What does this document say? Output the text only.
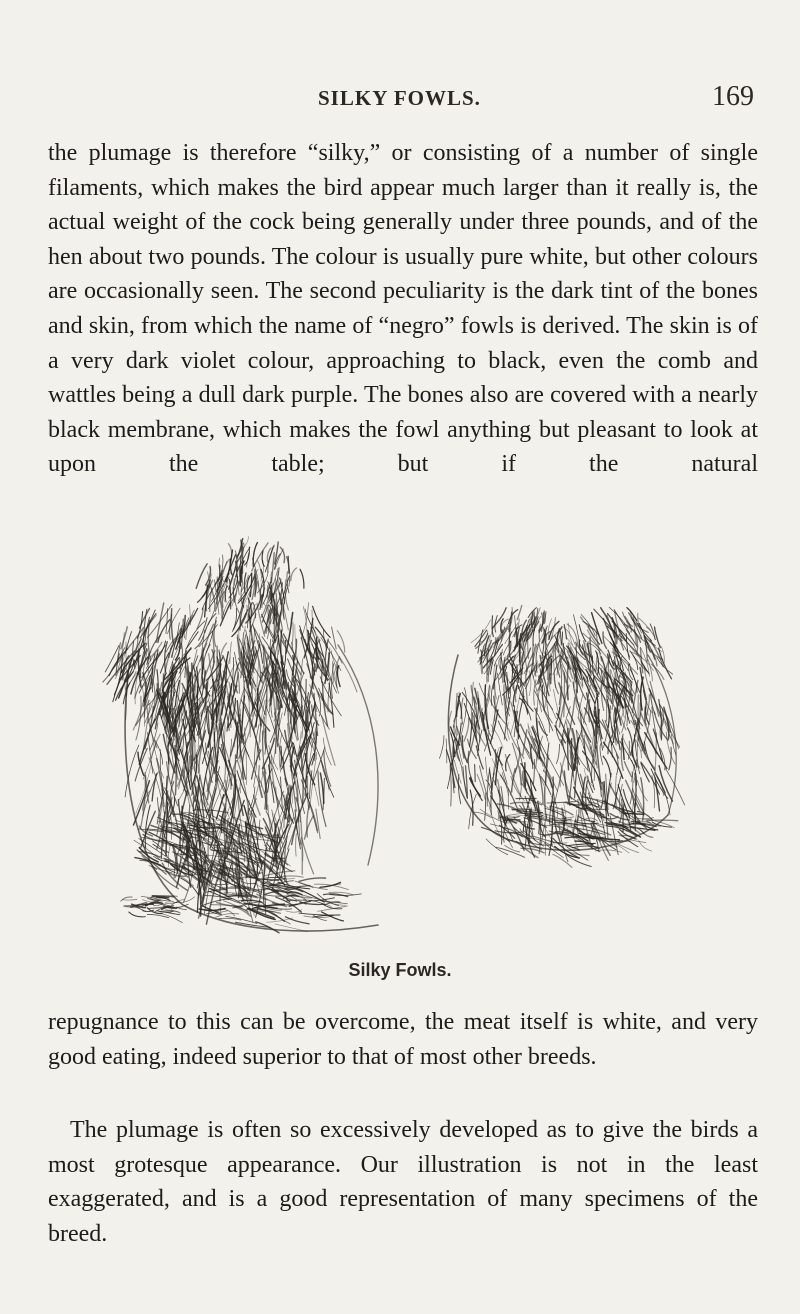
SILKY FOWLS.	169

the plumage is therefore “silky,” or consisting of a number of single filaments, which makes the bird appear much larger than it really is, the actual weight of the cock being generally under three pounds, and of the hen about two pounds. The colour is usually pure white, but other colours are occasionally seen. The second peculiarity is the dark tint of the bones and skin, from which the name of “negro” fowls is derived. The skin is of a very dark violet colour, approaching to black, even the comb and wattles being a dull dark purple. The bones also are covered with a nearly black membrane, which makes the fowl anything but pleasant to look at upon the table; but if the natural

Silky Fowls.

repugnance to this can be overcome, the meat itself is white, and very good eating, indeed superior to that of most other breeds.

The plumage is often so excessively developed as to give the birds a most grotesque appearance. Our illustration is not in the least exaggerated, and is a good representation of many specimens of the breed.
